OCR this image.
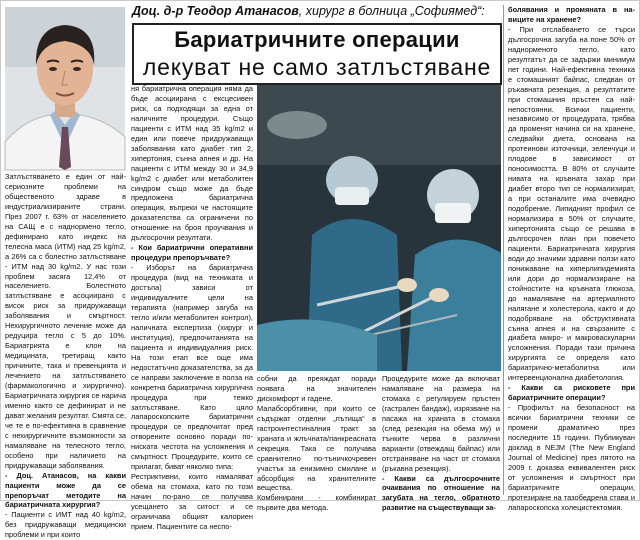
Доц. д-р Теодор Атанасов, хирург в болница „Софиямед“:
Бариатричните операции
лекуват не само затлъстяване

Затлъстяването е един от най-сериозните проблеми на общественото здраве в индустриализираните страни. През 2007 г. 63% от населението на САЩ е с наднормено тегло, дефинирано като индекс на телесна маса (ИТМ) над 25 kg/m2, а 26% са с болестно затлъстяване - ИТМ над 30 kg/m2. У нас този проблем засяга 12,4% от населението. Болестното затлъстяване е асоциирано с висок риск за придружаващи заболявания и смъртност. Нехирургичното лечение може да редуцира тегло с 5 до 10%. Бариатрията е клон на медицината, третиращ както причините, така и превенцията и лечението на затлъстяването (фармакологично и хирургично). Бариатричната хирургия се нарича именно както се дефинират и не дават желания резултат. Смята се, че те е по-ефективна в сравнение с нехирургичните възможности за намаляване на телесното тегло, особено при наличието на придружаващи заболявания.

- Доц. Атанасов, на какви пациенти може да се препоръчат методите на бариатричната хирургия?

- Пациенти с ИМТ над 40 kg/m2, без придружаващи медицински проблеми и при които

ня бариатрична операция няма да бъде асоциирана с ексцесивен риск, са подходящи за една от наличните процедури. Също пациенти с ИТМ над 35 kg/m2 и един или повече придружаващи заболявания като диабет тип 2, хипертония, сънна апнея и др. На пациенти с ИТМ между 30 и 34,9 kg/m2 с диабет или метаболитен синдром също може да бъде предложена бариатрична операция, въпреки че настоящите доказателства са ограничени по отношение на броя проучвания и дългосрочни резултати.

- Кои бариатрични оперативни процедури препоръчвате?

- Изборът на бариатрична процедура (вид на техниката и достъпа) зависи от индивидуалните цели на терапията (например загуба на тегло и/или метаболитен контрол), наличната експертиза (хирург и институция), предпочитанията на пациента и индивидуалния риск. На този етап все още има недостатъчно доказателства, за да се направи заключение в полза на конкретна бариатрична хирургична процедура при тежко затлъстяване. Като цяло лапароскопските бариатрични процедури се предпочитат пред отворените основно поради по-ниската честота на усложнения и смъртност. Процедурите, които се прилагат, биват няколко типа:

Рестриктивни, които намаляват обема на стомаха, като по този начин по-рано се получава усещането за ситост и се ограничава общият калориен прием. Пациентите са неспо-

собни да преяждат поради появата на значителен дискомфорт и гадене.

Малабсорбтивни, при които се съдържат отделни „пътища“ в гастроинтестиналния тракт за храната и жлъчната/панкреасната секреция. Така се получава сравнително по-тъничкочревен участък за енизимно смилане и абсорбция на хранителните вещества.

Комбинирани - комбинират първите два метода.

Процедурите може да включват намаляване на размера на стомаха с регулируем пръстен (гастрален бандаж), изрязване на пасажа на храната в стомаха (след резекция на обема му) и тънките черва в различни варианти (отвеждащ байпас) или отстраняване на част от стомаха (ръкавна резекция).

- Какви са дългосрочните очаквания по отношение на загубата на тегло, обратното развитие на съществуващи за-

болявания и промяната в навицитe на хранене?

- При отслабването се търси дългосрочна загуба на поне 50% от наднорменото тегло, като резултатът да се задържи минимум пет години. Най-ефективна техника е стомашният байпас, следван от ръкавната резекция, а резултатите при стомашния пръстен са най-непостоянни. Всички пациенти, независимо от процедурата, трябва да променят начина си на хранене, следвайки диета, основана на протеинови източници, зеленчуци и плодове в зависимост от поносимостта. В 80% от случаите нивата на кръвната захар при диабет второ тип се нормализират, а при останалите има очевидно подобрение. Липидният профил се нормализира в 50% от случаите, хипертонията също се решава в дългосрочен план при повечето пациенти. Бариатричната хирургия води до значими здравни ползи като понижаване на хиперлипидемията или дори до нормализиране на стойностите на кръвната глюкоза, до намаляване на артериалното налягане и холестерола, както и до подобряване на обструктивната сънна апнея и на свързаните с диабета микро- и макроваскуларни усложнения. Поради тази причина хирургията се определя като бариатрично-метаболитна или интервенционална диабетология.

- Какви са рисковете при бариатричните операции?

- Профилът на безопасност на всички бариатрични техники се промени драматично през последните 15 години. Публикуван доклад в NEJM (The New England Journal of Medicine) през лятото на 2009 г. доказва еквивалентен риск от усложнения и смъртност при бариатричните операции, протезиране на тазобедрена става и лапароскопска холецистектомия.
